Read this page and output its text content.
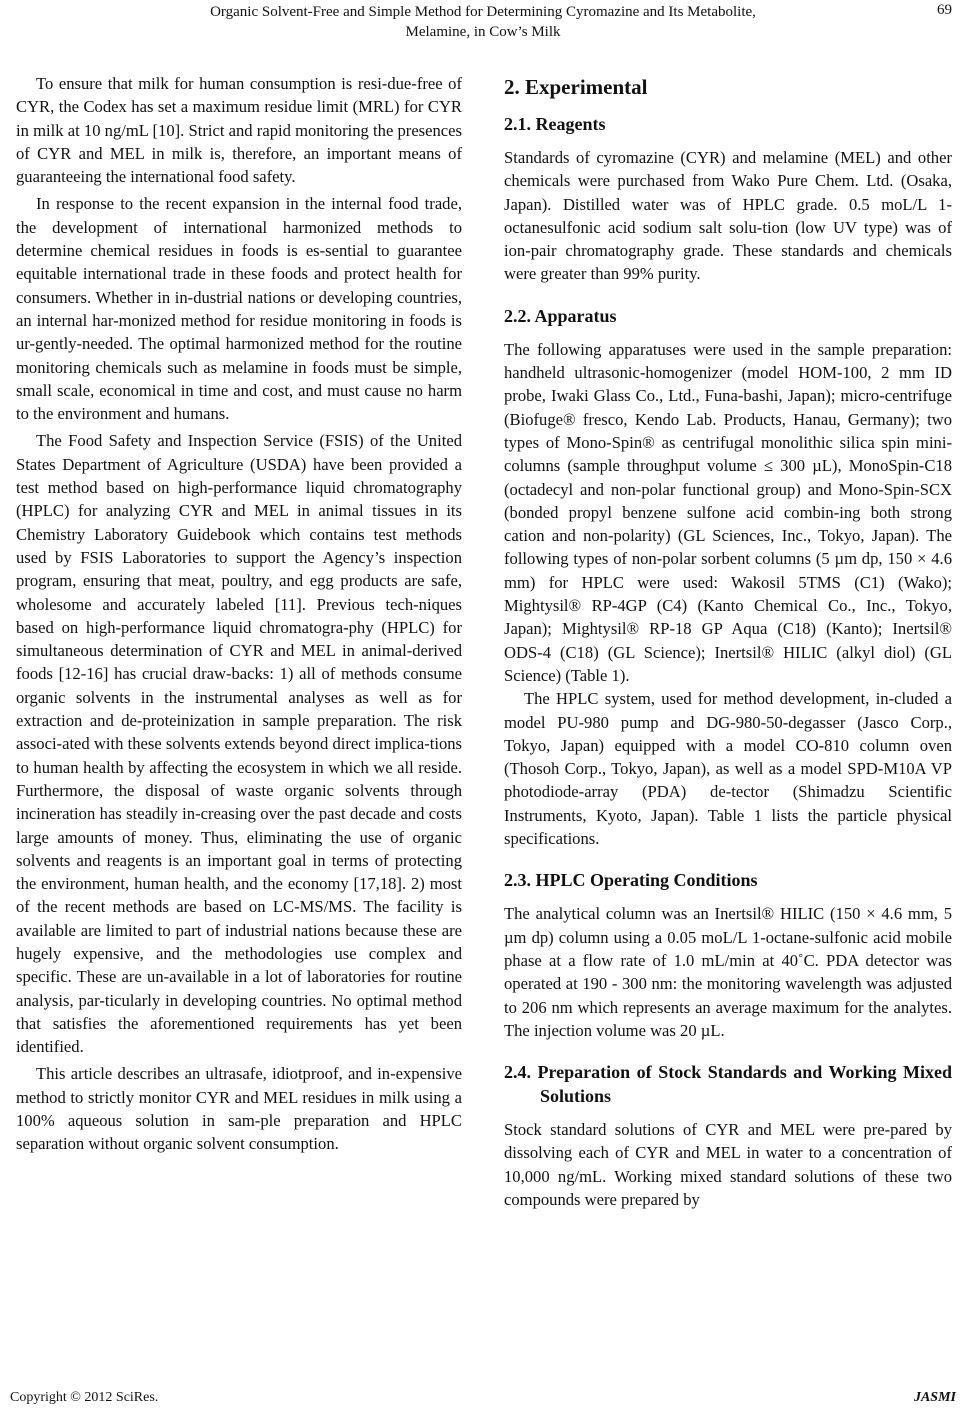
Organic Solvent-Free and Simple Method for Determining Cyromazine and Its Metabolite,
Melamine, in Cow’s Milk
69

To ensure that milk for human consumption is resi-due-free of CYR, the Codex has set a maximum residue limit (MRL) for CYR in milk at 10 ng/mL [10]. Strict and rapid monitoring the presences of CYR and MEL in milk is, therefore, an important means of guaranteeing the international food safety.

In response to the recent expansion in the internal food trade, the development of international harmonized methods to determine chemical residues in foods is es-sential to guarantee equitable international trade in these foods and protect health for consumers. Whether in in-dustrial nations or developing countries, an internal har-monized method for residue monitoring in foods is ur-gently-needed. The optimal harmonized method for the routine monitoring chemicals such as melamine in foods must be simple, small scale, economical in time and cost, and must cause no harm to the environment and humans.

The Food Safety and Inspection Service (FSIS) of the United States Department of Agriculture (USDA) have been provided a test method based on high-performance liquid chromatography (HPLC) for analyzing CYR and MEL in animal tissues in its Chemistry Laboratory Guidebook which contains test methods used by FSIS Laboratories to support the Agency’s inspection program, ensuring that meat, poultry, and egg products are safe, wholesome and accurately labeled [11]. Previous tech-niques based on high-performance liquid chromatogra-phy (HPLC) for simultaneous determination of CYR and MEL in animal-derived foods [12-16] has crucial draw-backs: 1) all of methods consume organic solvents in the instrumental analyses as well as for extraction and de-proteinization in sample preparation. The risk associ-ated with these solvents extends beyond direct implica-tions to human health by affecting the ecosystem in which we all reside. Furthermore, the disposal of waste organic solvents through incineration has steadily in-creasing over the past decade and costs large amounts of money. Thus, eliminating the use of organic solvents and reagents is an important goal in terms of protecting the environment, human health, and the economy [17,18]. 2) most of the recent methods are based on LC-MS/MS. The facility is available are limited to part of industrial nations because these are hugely expensive, and the methodologies use complex and specific. These are un-available in a lot of laboratories for routine analysis, par-ticularly in developing countries. No optimal method that satisfies the aforementioned requirements has yet been identified.

This article describes an ultrasafe, idiotproof, and in-expensive method to strictly monitor CYR and MEL residues in milk using a 100% aqueous solution in sam-ple preparation and HPLC separation without organic solvent consumption.

2. Experimental
2.1. Reagents

Standards of cyromazine (CYR) and melamine (MEL) and other chemicals were purchased from Wako Pure Chem. Ltd. (Osaka, Japan). Distilled water was of HPLC grade. 0.5 moL/L 1-octanesulfonic acid sodium salt solu-tion (low UV type) was of ion-pair chromatography grade. These standards and chemicals were greater than 99% purity.

2.2. Apparatus

The following apparatuses were used in the sample preparation: handheld ultrasonic-homogenizer (model HOM-100, 2 mm ID probe, Iwaki Glass Co., Ltd., Funa-bashi, Japan); micro-centrifuge (Biofuge® fresco, Kendo Lab. Products, Hanau, Germany); two types of Mono-Spin® as centrifugal monolithic silica spin mini-columns (sample throughput volume ≤ 300 µL), MonoSpin-C18 (octadecyl and non-polar functional group) and Mono-Spin-SCX (bonded propyl benzene sulfone acid combin-ing both strong cation and non-polarity) (GL Sciences, Inc., Tokyo, Japan). The following types of non-polar sorbent columns (5 µm dp, 150 × 4.6 mm) for HPLC were used: Wakosil 5TMS (C1) (Wako); Mightysil® RP-4GP (C4) (Kanto Chemical Co., Inc., Tokyo, Japan); Mightysil® RP-18 GP Aqua (C18) (Kanto); Inertsil® ODS-4 (C18) (GL Science); Inertsil® HILIC (alkyl diol) (GL Science) (Table 1).

The HPLC system, used for method development, in-cluded a model PU-980 pump and DG-980-50-degasser (Jasco Corp., Tokyo, Japan) equipped with a model CO-810 column oven (Thosoh Corp., Tokyo, Japan), as well as a model SPD-M10A VP photodiode-array (PDA) de-tector (Shimadzu Scientific Instruments, Kyoto, Japan). Table 1 lists the particle physical specifications.

2.3. HPLC Operating Conditions

The analytical column was an Inertsil® HILIC (150 × 4.6 mm, 5 µm dp) column using a 0.05 moL/L 1-octane-sulfonic acid mobile phase at a flow rate of 1.0 mL/min at 40˚C. PDA detector was operated at 190 - 300 nm: the monitoring wavelength was adjusted to 206 nm which represents an average maximum for the analytes. The injection volume was 20 µL.

2.4. Preparation of Stock Standards and Working Mixed Solutions

Stock standard solutions of CYR and MEL were pre-pared by dissolving each of CYR and MEL in water to a concentration of 10,000 ng/mL. Working mixed standard solutions of these two compounds were prepared by

Copyright © 2012 SciRes.	JASMI
